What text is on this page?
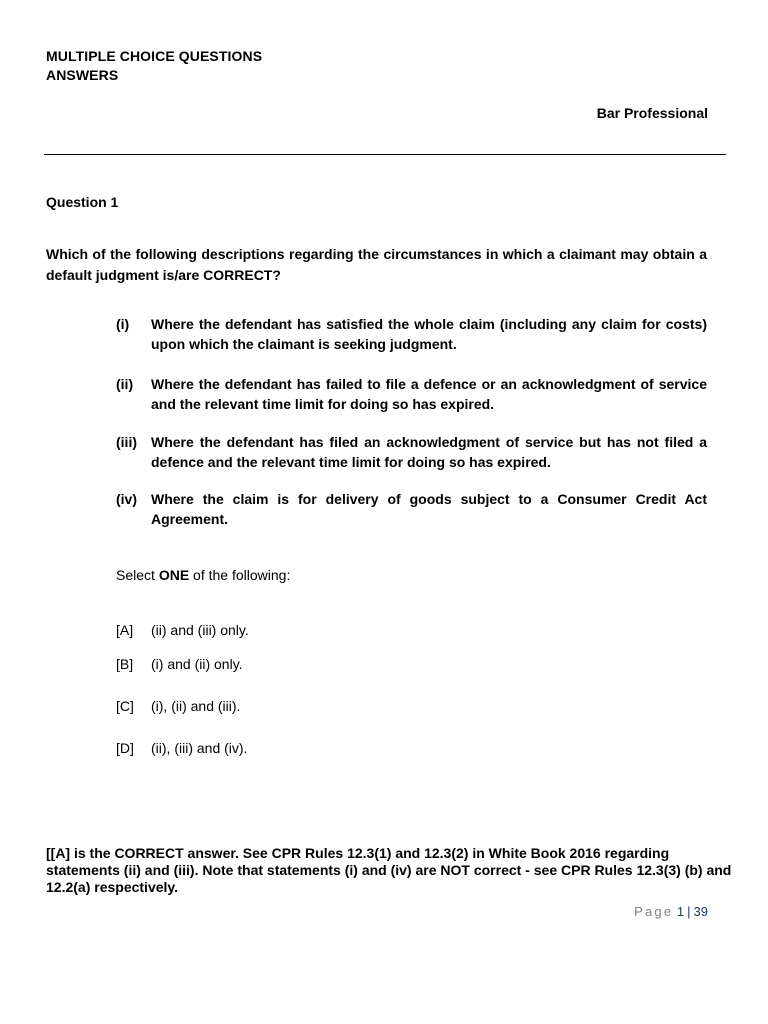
MULTIPLE CHOICE QUESTIONS
ANSWERS
Bar Professional
Question 1
Which of the following descriptions regarding the circumstances in which a claimant may obtain a default judgment is/are CORRECT?
(i) Where the defendant has satisfied the whole claim (including any claim for costs) upon which the claimant is seeking judgment.
(ii) Where the defendant has failed to file a defence or an acknowledgment of service and the relevant time limit for doing so has expired.
(iii) Where the defendant has filed an acknowledgment of service but has not filed a defence and the relevant time limit for doing so has expired.
(iv) Where the claim is for delivery of goods subject to a Consumer Credit Act Agreement.
Select ONE of the following:
[A] (ii) and (iii) only.
[B] (i) and (ii) only.
[C] (i), (ii) and (iii).
[D] (ii), (iii) and (iv).
[[A] is the CORRECT answer. See CPR Rules 12.3(1) and 12.3(2) in White Book 2016 regarding statements (ii) and (iii). Note that statements (i) and (iv) are NOT correct - see CPR Rules 12.3(3) (b) and 12.2(a) respectively.
Page 1 | 39
